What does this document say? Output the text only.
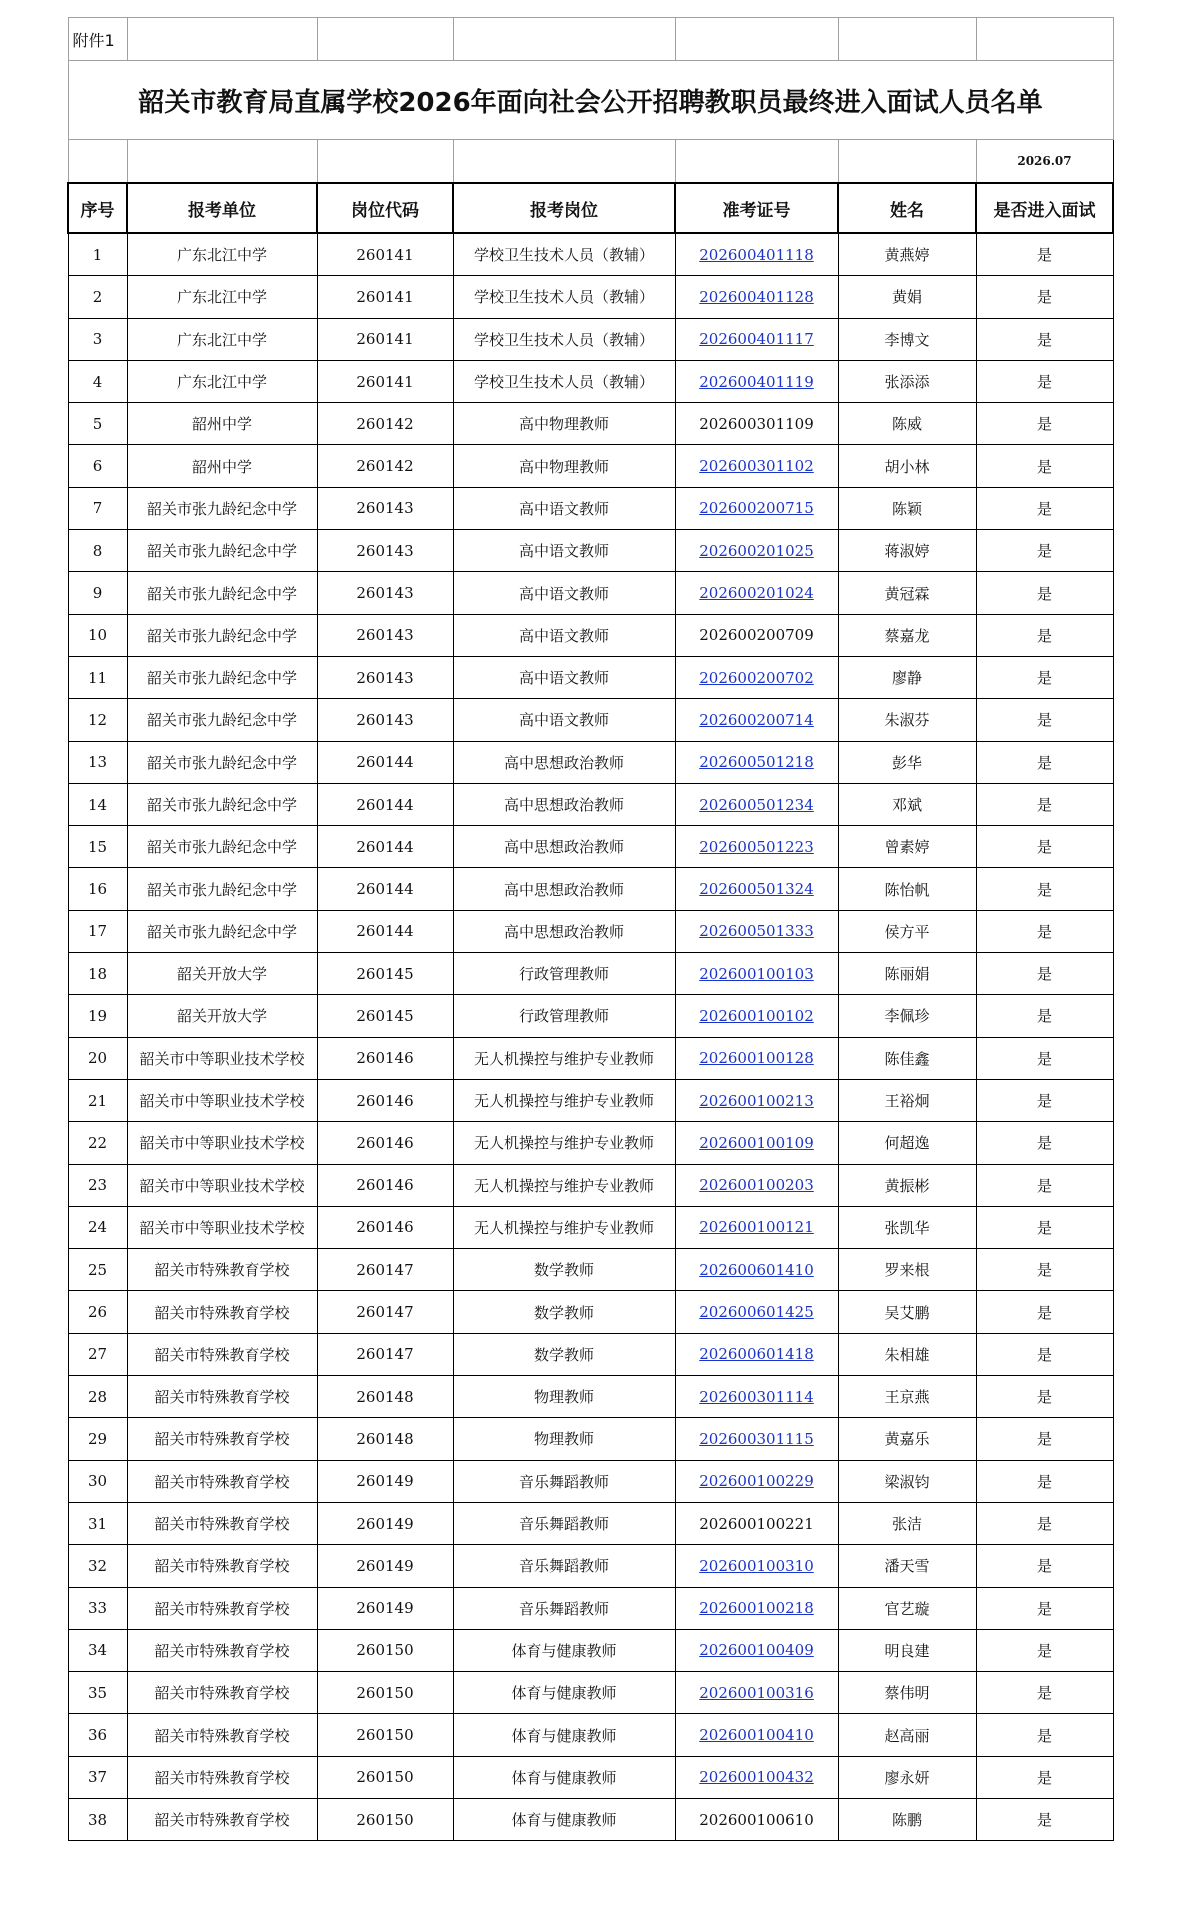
附件1						
韶关市教育局直属学校2026年面向社会公开招聘教职员最终进入面试人员名单						
						2026.07
序号	报考单位	岗位代码	报考岗位	准考证号	姓名	是否进入面试
1	广东北江中学	260141	学校卫生技术人员（教辅）	202600401118	黄燕婷	是
2	广东北江中学	260141	学校卫生技术人员（教辅）	202600401128	黄娟	是
3	广东北江中学	260141	学校卫生技术人员（教辅）	202600401117	李博文	是
4	广东北江中学	260141	学校卫生技术人员（教辅）	202600401119	张添添	是
5	韶州中学	260142	高中物理教师	202600301109	陈威	是
6	韶州中学	260142	高中物理教师	202600301102	胡小林	是
7	韶关市张九龄纪念中学	260143	高中语文教师	202600200715	陈颖	是
8	韶关市张九龄纪念中学	260143	高中语文教师	202600201025	蒋淑婷	是
9	韶关市张九龄纪念中学	260143	高中语文教师	202600201024	黄冠霖	是
10	韶关市张九龄纪念中学	260143	高中语文教师	202600200709	蔡嘉龙	是
11	韶关市张九龄纪念中学	260143	高中语文教师	202600200702	廖静	是
12	韶关市张九龄纪念中学	260143	高中语文教师	202600200714	朱淑芬	是
13	韶关市张九龄纪念中学	260144	高中思想政治教师	202600501218	彭华	是
14	韶关市张九龄纪念中学	260144	高中思想政治教师	202600501234	邓斌	是
15	韶关市张九龄纪念中学	260144	高中思想政治教师	202600501223	曾素婷	是
16	韶关市张九龄纪念中学	260144	高中思想政治教师	202600501324	陈怡帆	是
17	韶关市张九龄纪念中学	260144	高中思想政治教师	202600501333	侯方平	是
18	韶关开放大学	260145	行政管理教师	202600100103	陈丽娟	是
19	韶关开放大学	260145	行政管理教师	202600100102	李佩珍	是
20	韶关市中等职业技术学校	260146	无人机操控与维护专业教师	202600100128	陈佳鑫	是
21	韶关市中等职业技术学校	260146	无人机操控与维护专业教师	202600100213	王裕炯	是
22	韶关市中等职业技术学校	260146	无人机操控与维护专业教师	202600100109	何超逸	是
23	韶关市中等职业技术学校	260146	无人机操控与维护专业教师	202600100203	黄振彬	是
24	韶关市中等职业技术学校	260146	无人机操控与维护专业教师	202600100121	张凯华	是
25	韶关市特殊教育学校	260147	数学教师	202600601410	罗来根	是
26	韶关市特殊教育学校	260147	数学教师	202600601425	吴艾鹏	是
27	韶关市特殊教育学校	260147	数学教师	202600601418	朱相雄	是
28	韶关市特殊教育学校	260148	物理教师	202600301114	王京燕	是
29	韶关市特殊教育学校	260148	物理教师	202600301115	黄嘉乐	是
30	韶关市特殊教育学校	260149	音乐舞蹈教师	202600100229	梁淑钧	是
31	韶关市特殊教育学校	260149	音乐舞蹈教师	202600100221	张洁	是
32	韶关市特殊教育学校	260149	音乐舞蹈教师	202600100310	潘天雪	是
33	韶关市特殊教育学校	260149	音乐舞蹈教师	202600100218	官艺璇	是
34	韶关市特殊教育学校	260150	体育与健康教师	202600100409	明良建	是
35	韶关市特殊教育学校	260150	体育与健康教师	202600100316	蔡伟明	是
36	韶关市特殊教育学校	260150	体育与健康教师	202600100410	赵高丽	是
37	韶关市特殊教育学校	260150	体育与健康教师	202600100432	廖永妍	是
38	韶关市特殊教育学校	260150	体育与健康教师	202600100610	陈鹏	是
